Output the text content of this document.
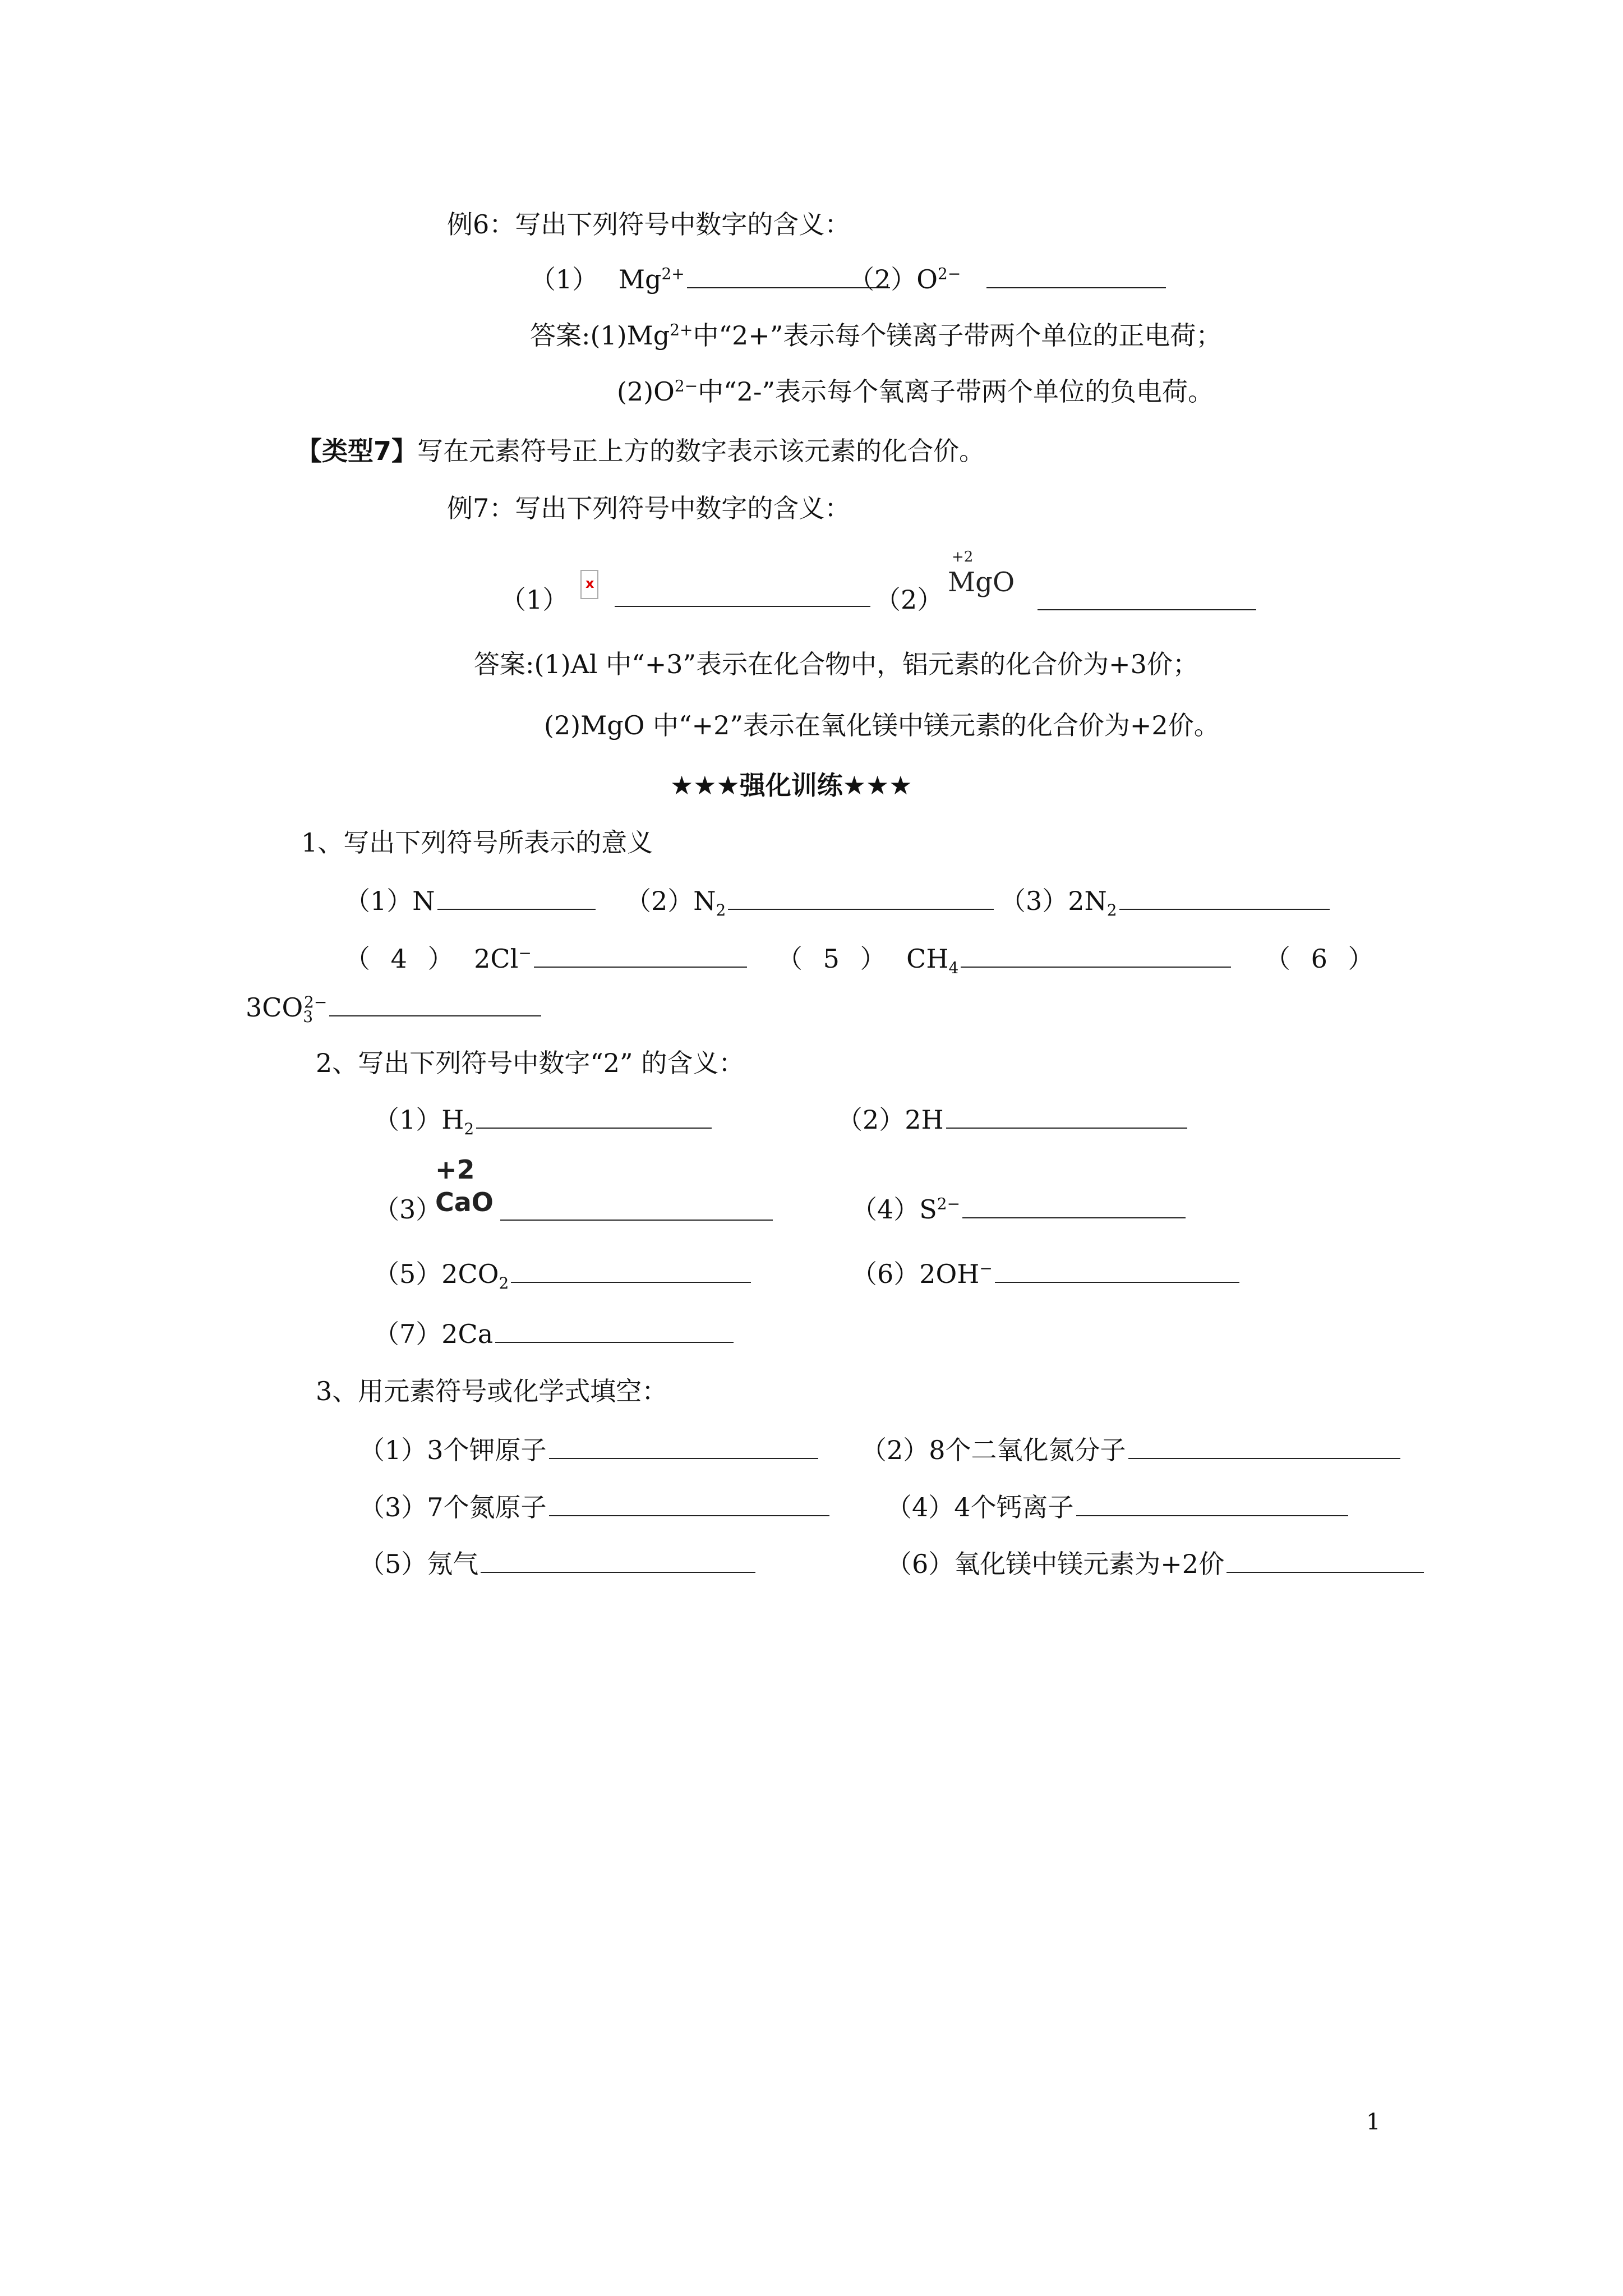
例6：写出下列符号中数字的含义：
（1） $Mg^{2+}$	$(2)O^{2-}$
答案$:(1)Mg^{2+}$中“2+”表示每个镁离子带两个单位的正电荷；
$(2)O^{2-}$中“2-”表示每个氧离子带两个单位的负电荷。
【类型7】写在元素符号正上方的数字表示该元素的化合价。
例7：写出下列符号中数字的含义：
（1）
x	（2）
+2
MgO
答案:(1)Al 中“+3”表示在化合物中，铝元素的化合价为+3价；
(2)MgO 中“+2”表示在氧化镁中镁元素的化合价为+2价。
★★★强化训练★★★
1、写出下列符号所表示的意义
（1）N	$(2)N_2$	$(3)2N_2$
（ 4 ） 2Cl−	（ 5 ） $CH_4$	（ 6 ）
$3CO_3^{2-}$
2、写出下列符号中数字“2” 的含义：
$(1)H_2$	（2）2H
（3）
+2
CaO	$(4)S^{2-}$
$(5)2CO_2$	（6）2OH−
（7）2Ca
3、用元素符号或化学式填空：
（1）3个钾原子	（2）8个二氧化氮分子
（3）7个氮原子	（4）4个钙离子
（5）氖气	（6）氧化镁中镁元素为+2价
1
